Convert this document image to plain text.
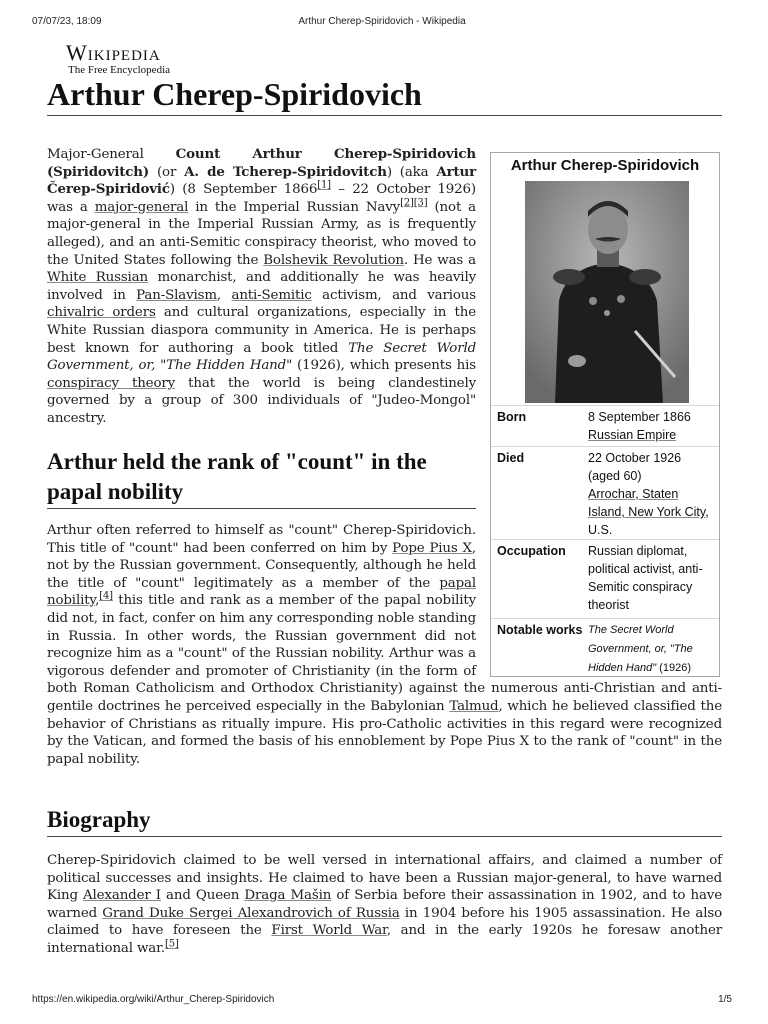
07/07/23, 18:09	Arthur Cherep-Spiridovich - Wikipedia
Wikipedia
The Free Encyclopedia
Arthur Cherep-Spiridovich

Major-General Count Arthur Cherep-Spiridovich (Spiridovitch) (or A. de Tcherep-Spiridovitch) (aka Artur Čerep-Spiridović) (8 September 1866[1] – 22 October 1926) was a major-general in the Imperial Russian Navy[2][3] (not a major-general in the Imperial Russian Army, as is frequently alleged), and an anti-Semitic conspiracy theorist, who moved to the United States following the Bolshevik Revolution. He was a White Russian monarchist, and additionally he was heavily involved in Pan-Slavism, anti-Semitic activism, and various chivalric orders and cultural organizations, especially in the White Russian diaspora community in America. He is perhaps best known for authoring a book titled The Secret World Government, or, "The Hidden Hand" (1926), which presents his conspiracy theory that the world is being clandestinely governed by a group of 300 individuals of "Judeo-Mongol" ancestry.

Arthur held the rank of "count" in the papal nobility

Arthur often referred to himself as "count" Cherep-Spiridovich. This title of "count" had been conferred on him by Pope Pius X, not by the Russian government. Consequently, although he held the title of "count" legitimately as a member of the papal nobility,[4] this title and rank as a member of the papal nobility did not, in fact, confer on him any corresponding noble standing in Russia. In other words, the Russian government did not recognize him as a "count" of the Russian nobility. Arthur was a vigorous defender and promoter of Christianity (in the form of both Roman Catholicism and Orthodox Christianity) against the numerous anti-Christian and anti-gentile doctrines he perceived especially in the Babylonian Talmud, which he believed classified the behavior of Christians as ritually impure. His pro-Catholic activities in this regard were recognized by the Vatican, and formed the basis of his ennoblement by Pope Pius X to the rank of "count" in the papal nobility.

Biography

Cherep-Spiridovich claimed to be well versed in international affairs, and claimed a number of political successes and insights. He claimed to have been a Russian major-general, to have warned King Alexander I and Queen Draga Mašin of Serbia before their assassination in 1902, and to have warned Grand Duke Sergei Alexandrovich of Russia in 1904 before his 1905 assassination. He also claimed to have foreseen the First World War, and in the early 1920s he foresaw another international war.[5]

Arthur Cherep-Spiridovich
Born	8 September 1866
Russian Empire
Died	22 October 1926
(aged 60)
Arrochar, Staten Island, New York City, U.S.
Occupation	Russian diplomat, political activist, anti-Semitic conspiracy theorist
Notable works The Secret World Government, or, "The Hidden Hand" (1926)
https://en.wikipedia.org/wiki/Arthur_Cherep-Spiridovich	1/5
